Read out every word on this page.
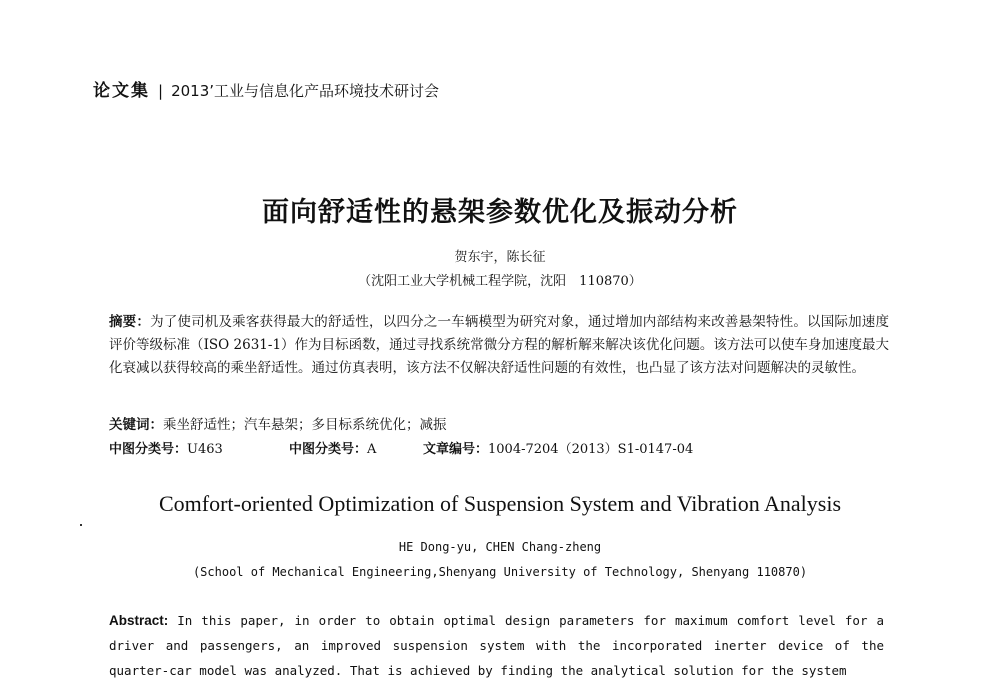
论文集 | 2013’工业与信息化产品环境技术研讨会
面向舒适性的悬架参数优化及振动分析
贺东宇，陈长征
（沈阳工业大学机械工程学院，沈阳　110870）
摘要：为了使司机及乘客获得最大的舒适性，以四分之一车辆模型为研究对象，通过增加内部结构来改善悬架特性。以国际加速度评价等级标准（ISO 2631-1）作为目标函数，通过寻找系统常微分方程的解析解来解决该优化问题。该方法可以使车身加速度最大化衰减以获得较高的乘坐舒适性。通过仿真表明，该方法不仅解决舒适性问题的有效性，也凸显了该方法对问题解决的灵敏性。
关键词：乘坐舒适性；汽车悬架；多目标系统优化；减振
中图分类号：U463	中图分类号：A	文章编号：1004-7204（2013）S1-0147-04
Comfort-oriented Optimization of Suspension System and Vibration Analysis
HE Dong-yu, CHEN Chang-zheng
(School of Mechanical Engineering,Shenyang University of Technology, Shenyang 110870)
Abstract: In this paper, in order to obtain optimal design parameters for maximum comfort level for a driver and passengers, an improved suspension system with the incorporated inerter device of the quarter-car model was analyzed. That is achieved by finding the analytical solution for the system
